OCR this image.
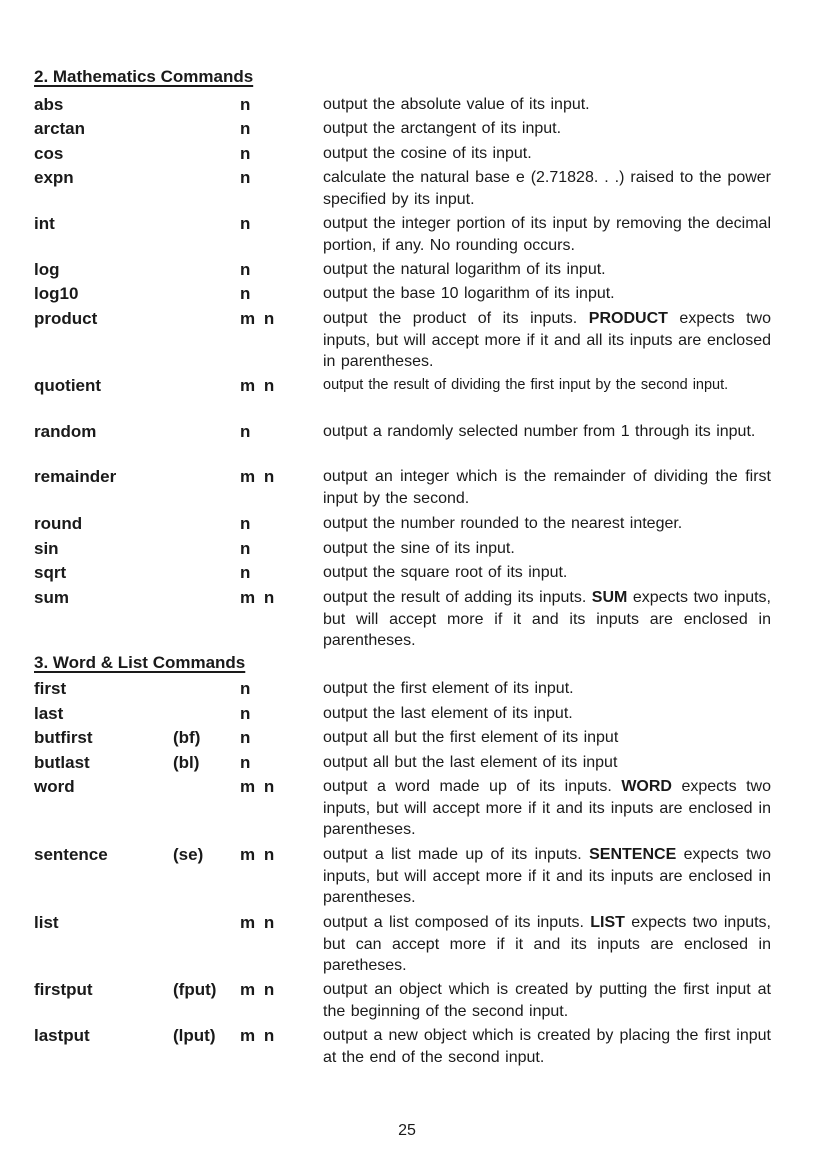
2. Mathematics Commands
abs	n	output the absolute value of its input.
arctan	n	output the arctangent of its input.
cos	n	output the cosine of its input.
expn	n	calculate the natural base e (2.71828. . .) raised to the power specified by its input.
int	n	output the integer portion of its input by removing the decimal portion, if any. No rounding occurs.
log	n	output the natural logarithm of its input.
log10	n	output the base 10 logarithm of its input.
product	m n	output the product of its inputs. PRODUCT expects two inputs, but will accept more if it and all its inputs are enclosed in parentheses.
quotient	m n	output the result of dividing the first input by the second input.
random	n	output a randomly selected number from 1 through its input.
remainder	m n	output an integer which is the remainder of dividing the first input by the second.
round	n	output the number rounded to the nearest integer.
sin	n	output the sine of its input.
sqrt	n	output the square root of its input.
sum	m n	output the result of adding its inputs. SUM expects two inputs, but will accept more if it and its inputs are enclosed in parentheses.
3. Word & List Commands
first	n	output the first element of its input.
last	n	output the last element of its input.
butfirst	(bf) n	output all but the first element of its input
butlast	(bl) n	output all but the last element of its input
word	m n	output a word made up of its inputs. WORD expects two inputs, but will accept more if it and its inputs are enclosed in parentheses.
sentence	(se) m n	output a list made up of its inputs. SENTENCE expects two inputs, but will accept more if it and its inputs are enclosed in parentheses.
list	m n	output a list composed of its inputs. LIST expects two inputs, but can accept more if it and its inputs are enclosed in paretheses.
firstput	(fput) m n	output an object which is created by putting the first input at the beginning of the second input.
lastput	(lput) m n	output a new object which is created by placing the first input at the end of the second input.
25
